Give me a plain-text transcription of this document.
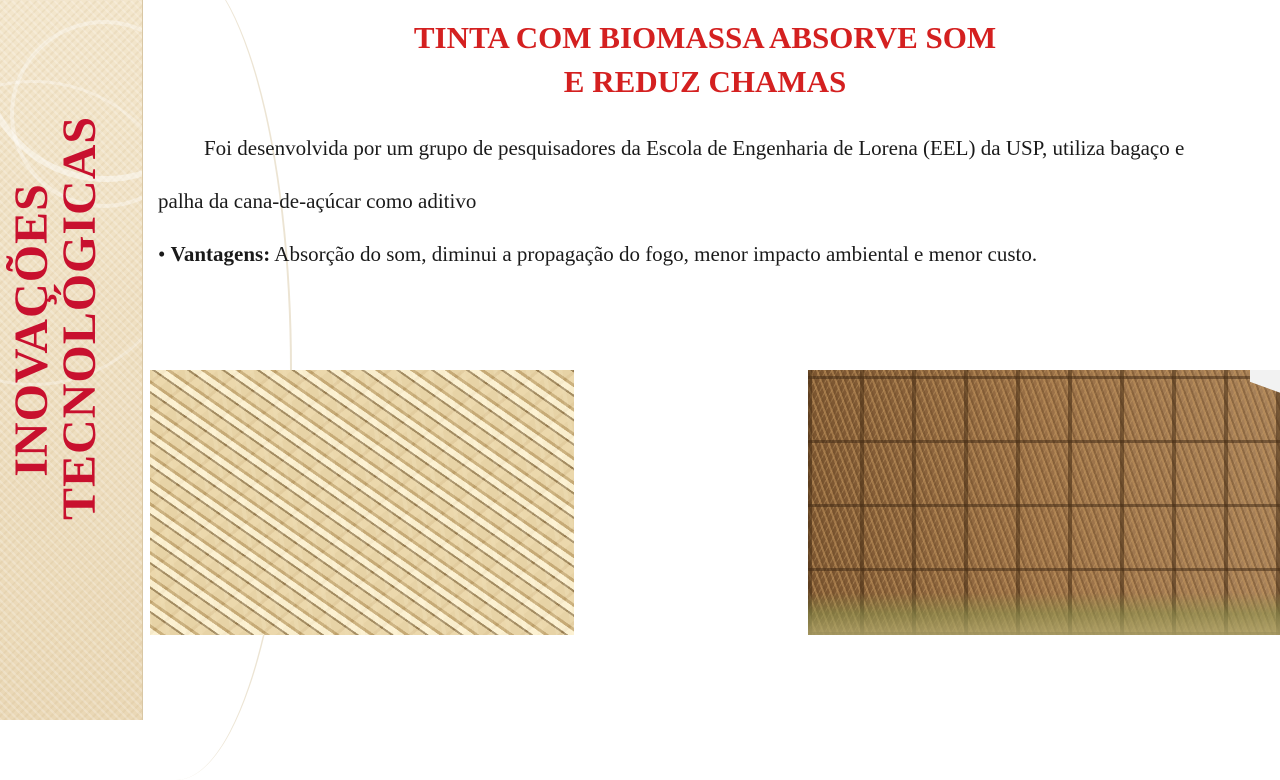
INOVAÇÕES
TECNOLÓGICAS
TINTA COM BIOMASSA ABSORVE SOM
E REDUZ CHAMAS

Foi desenvolvida por um grupo de pesquisadores da Escola de Engenharia de Lorena (EEL) da USP, utiliza bagaço e palha da cana-de-açúcar como aditivo

• Vantagens: Absorção do som, diminui a propagação do fogo, menor impacto ambiental e menor custo.
